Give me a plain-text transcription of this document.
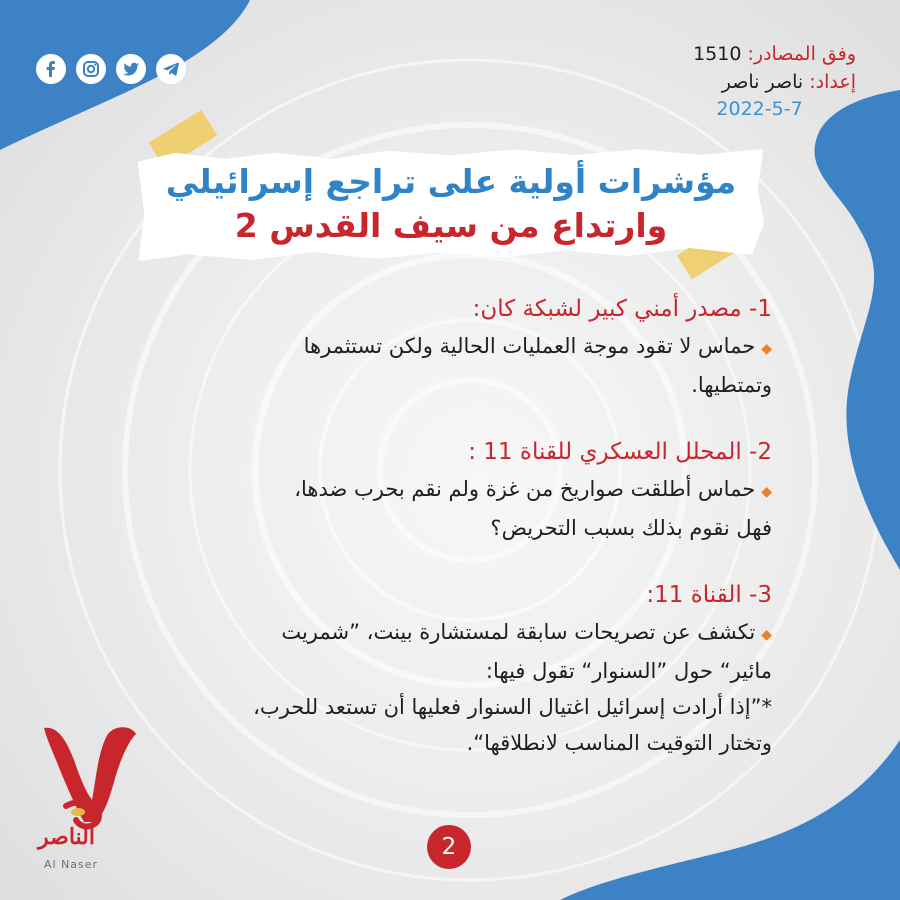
وفق المصادر: 1510
إعداد: ناصر ناصر
2022-5-7
مؤشرات أولية على تراجع إسرائيلي
وارتداع من سيف القدس 2
1- مصدر أمني كبير لشبكة كان:
◆حماس لا تقود موجة العمليات الحالية ولكن تستثمرها
وتمتطيها.
2- المحلل العسكري للقناة 11 :
◆حماس أطلقت صواريخ من غزة ولم نقم بحرب ضدها،
فهل نقوم بذلك بسبب التحريض؟
3- القناة 11:
◆تكشف عن تصريحات سابقة لمستشارة بينت، ”شمريت
مائير“ حول ”السنوار“ تقول فيها:
*”إذا أرادت إسرائيل اغتيال السنوار فعليها أن تستعد للحرب،
وتختار التوقيت المناسب لانطلاقها“.
الناصر
Al Naser
2
